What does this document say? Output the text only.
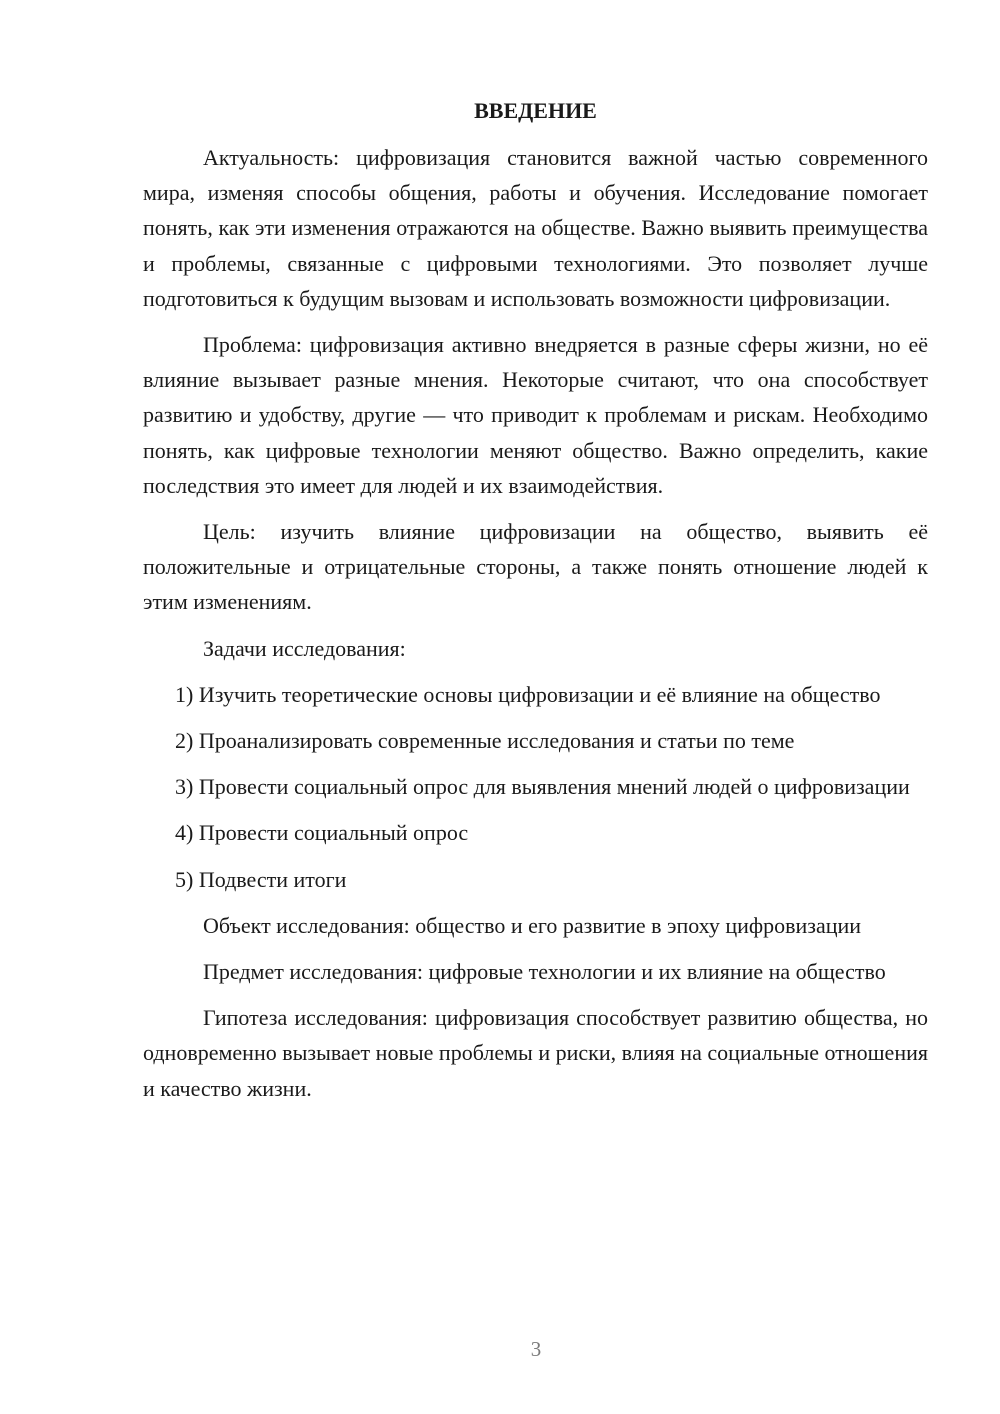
ВВЕДЕНИЕ

Актуальность: цифровизация становится важной частью современного мира, изменяя способы общения, работы и обучения. Исследование помогает понять, как эти изменения отражаются на обществе. Важно выявить преимущества и проблемы, связанные с цифровыми технологиями. Это позволяет лучше подготовиться к будущим вызовам и использовать возможности цифровизации.

Проблема: цифровизация активно внедряется в разные сферы жизни, но её влияние вызывает разные мнения. Некоторые считают, что она способствует развитию и удобству, другие — что приводит к проблемам и рискам. Необходимо понять, как цифровые технологии меняют общество. Важно определить, какие последствия это имеет для людей и их взаимодействия.

Цель: изучить влияние цифровизации на общество, выявить её положительные и отрицательные стороны, а также понять отношение людей к этим изменениям.

Задачи исследования:

1) Изучить теоретические основы цифровизации и её влияние на общество

2) Проанализировать современные исследования и статьи по теме

3) Провести социальный опрос для выявления мнений людей о цифровизации

4) Провести социальный опрос

5) Подвести итоги

Объект исследования: общество и его развитие в эпоху цифровизации

Предмет исследования: цифровые технологии и их влияние на общество

Гипотеза исследования: цифровизация способствует развитию общества, но одновременно вызывает новые проблемы и риски, влияя на социальные отношения и качество жизни.

3
